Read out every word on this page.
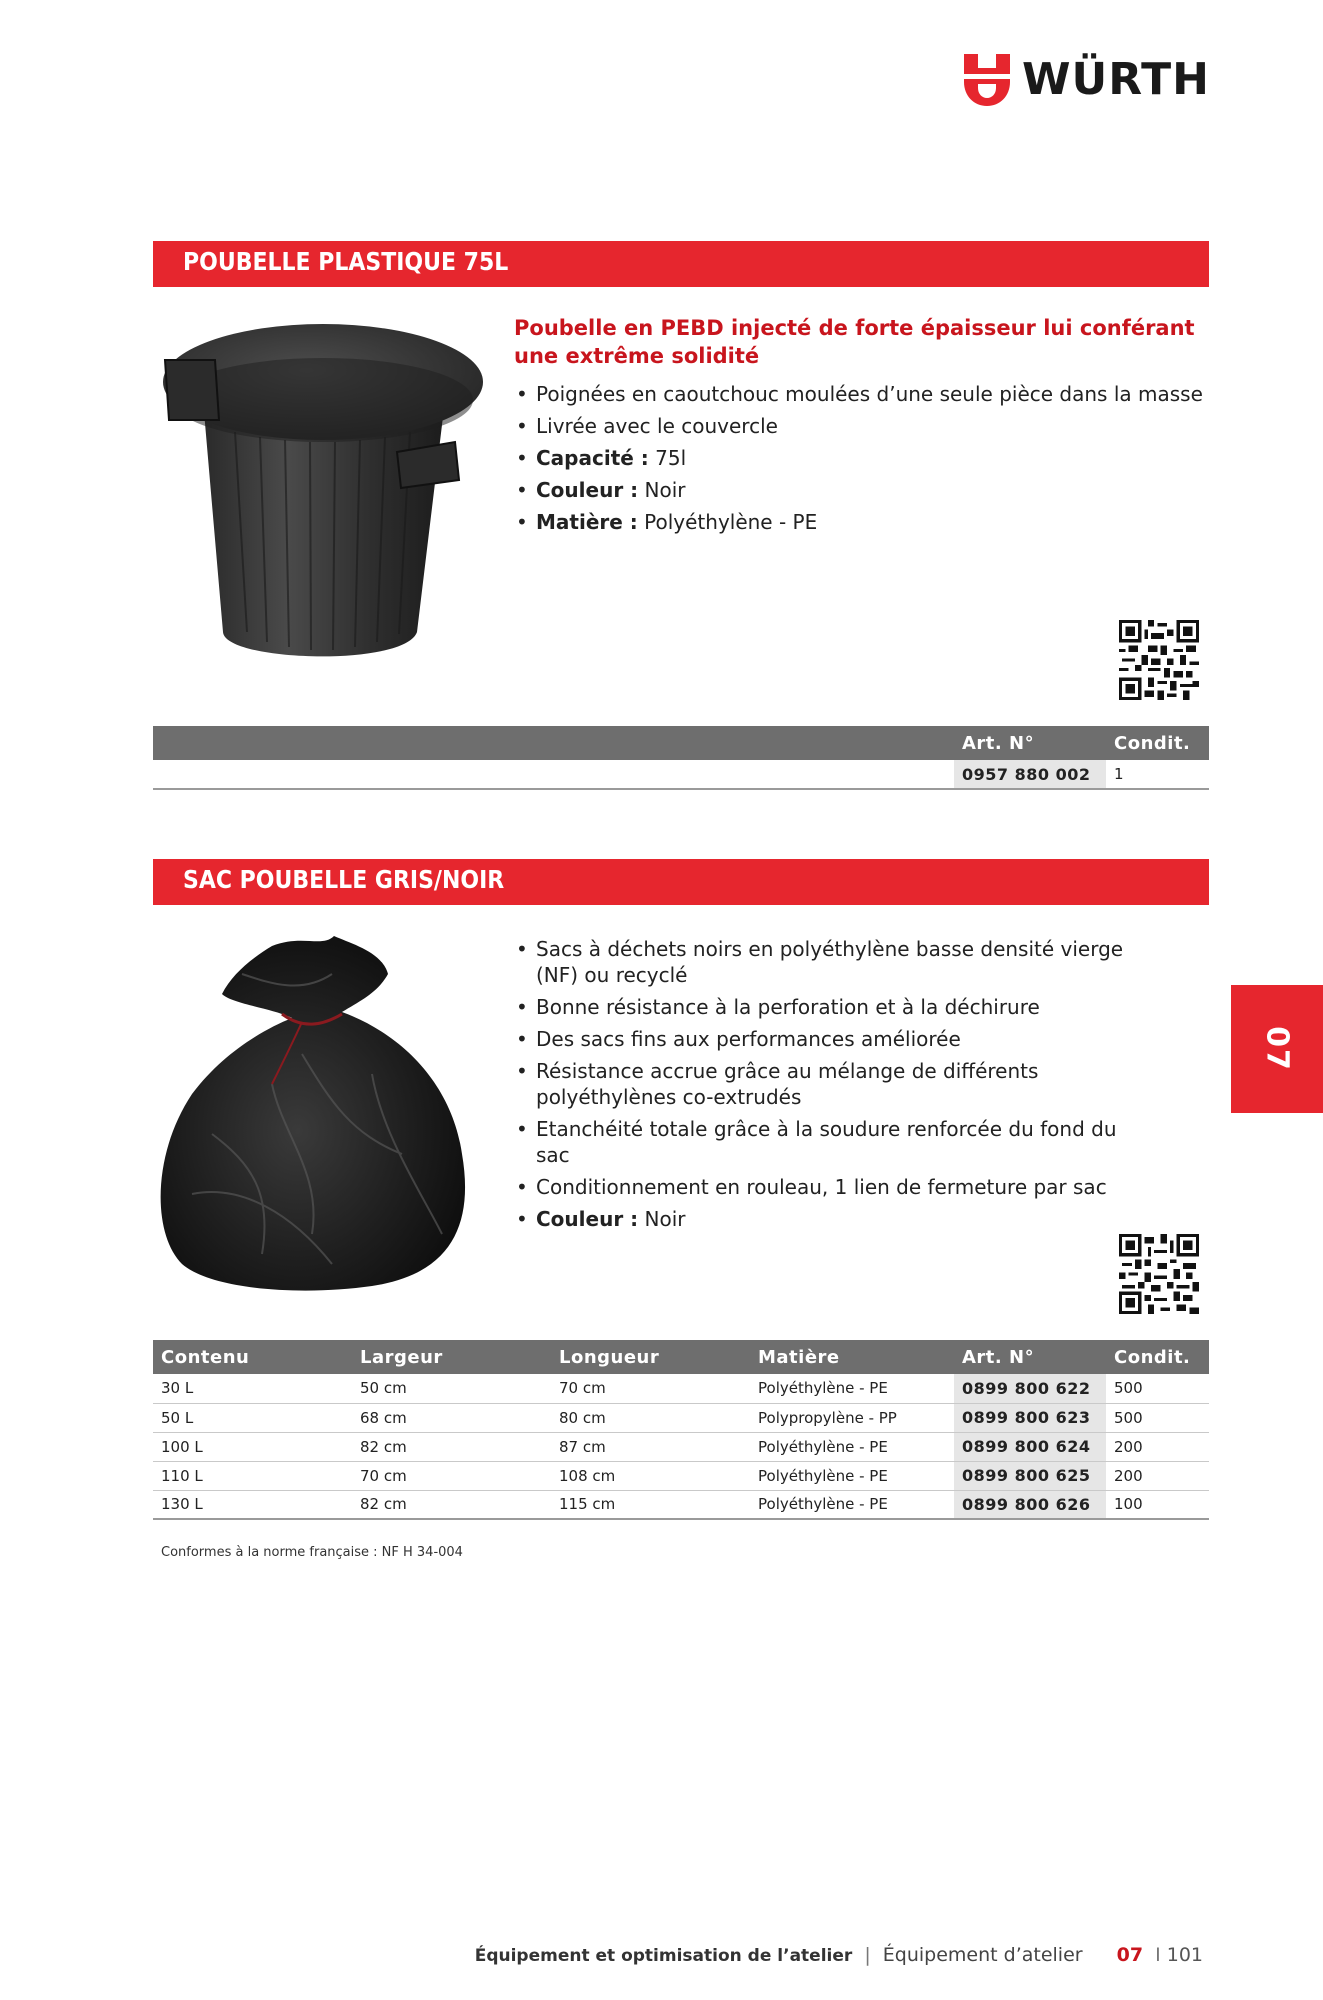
WÜRTH
POUBELLE PLASTIQUE 75L
Poubelle en PEBD injecté de forte épaisseur lui conférant une extrême solidité
• Poignées en caoutchouc moulées d’une seule pièce dans la masse
• Livrée avec le couvercle
• Capacité : 75l
• Couleur : Noir
• Matière : Polyéthylène - PE
	Art. N°	Condit.
	0957 880 002	1
SAC POUBELLE GRIS/NOIR
• Sacs à déchets noirs en polyéthylène basse densité vierge (NF) ou recyclé
• Bonne résistance à la perforation et à la déchirure
• Des sacs fins aux performances améliorée
• Résistance accrue grâce au mélange de différents polyéthylènes co-extrudés
• Etanchéité totale grâce à la soudure renforcée du fond du sac
• Conditionnement en rouleau, 1 lien de fermeture par sac
• Couleur : Noir
Contenu	Largeur	Longueur	Matière	Art. N°	Condit.
30 L	50 cm	70 cm	Polyéthylène - PE	0899 800 622	500
50 L	68 cm	80 cm	Polypropylène - PP	0899 800 623	500
100 L	82 cm	87 cm	Polyéthylène - PE	0899 800 624	200
110 L	70 cm	108 cm	Polyéthylène - PE	0899 800 625	200
130 L	82 cm	115 cm	Polyéthylène - PE	0899 800 626	100
Conformes à la norme française : NF H 34-004
07
Équipement et optimisation de l’atelier | Équipement d’atelier 07 I 101
